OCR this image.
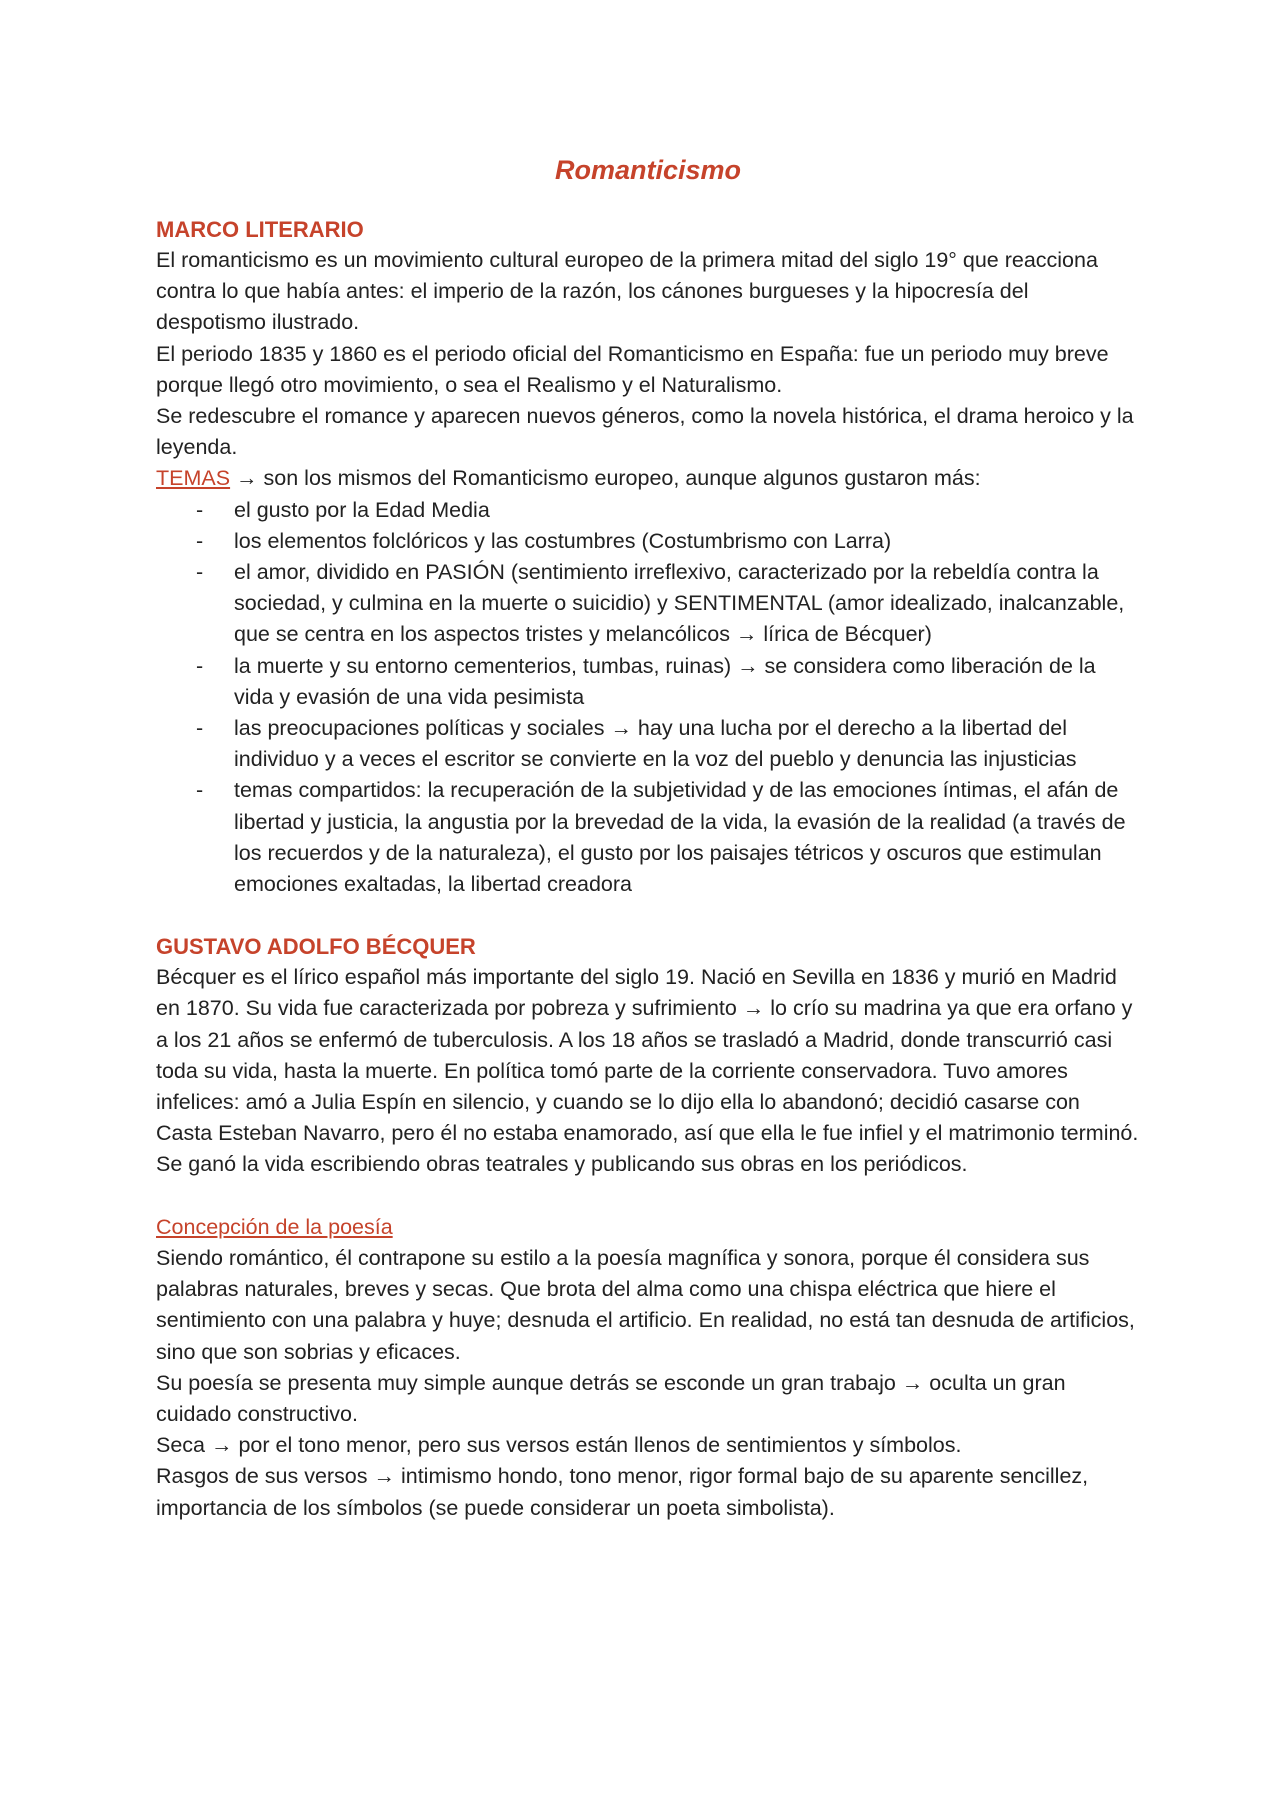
Romanticismo
MARCO LITERARIO

El romanticismo es un movimiento cultural europeo de la primera mitad del siglo 19° que reacciona contra lo que había antes: el imperio de la razón, los cánones burgueses y la hipocresía del despotismo ilustrado.

El periodo 1835 y 1860 es el periodo oficial del Romanticismo en España: fue un periodo muy breve porque llegó otro movimiento, o sea el Realismo y el Naturalismo.

Se redescubre el romance y aparecen nuevos géneros, como la novela histórica, el drama heroico y la leyenda.

TEMAS → son los mismos del Romanticismo europeo, aunque algunos gustaron más:

- el gusto por la Edad Media
- los elementos folclóricos y las costumbres (Costumbrismo con Larra)
- el amor, dividido en PASIÓN (sentimiento irreflexivo, caracterizado por la rebeldía contra la sociedad, y culmina en la muerte o suicidio) y SENTIMENTAL (amor idealizado, inalcanzable, que se centra en los aspectos tristes y melancólicos → lírica de Bécquer)
- la muerte y su entorno cementerios, tumbas, ruinas) → se considera como liberación de la vida y evasión de una vida pesimista
- las preocupaciones políticas y sociales → hay una lucha por el derecho a la libertad del individuo y a veces el escritor se convierte en la voz del pueblo y denuncia las injusticias
- temas compartidos: la recuperación de la subjetividad y de las emociones íntimas, el afán de libertad y justicia, la angustia por la brevedad de la vida, la evasión de la realidad (a través de los recuerdos y de la naturaleza), el gusto por los paisajes tétricos y oscuros que estimulan emociones exaltadas, la libertad creadora
GUSTAVO ADOLFO BÉCQUER

Bécquer es el lírico español más importante del siglo 19. Nació en Sevilla en 1836 y murió en Madrid en 1870. Su vida fue caracterizada por pobreza y sufrimiento → lo crío su madrina ya que era orfano y a los 21 años se enfermó de tuberculosis. A los 18 años se trasladó a Madrid, donde transcurrió casi toda su vida, hasta la muerte. En política tomó parte de la corriente conservadora. Tuvo amores infelices: amó a Julia Espín en silencio, y cuando se lo dijo ella lo abandonó; decidió casarse con Casta Esteban Navarro, pero él no estaba enamorado, así que ella le fue infiel y el matrimonio terminó. Se ganó la vida escribiendo obras teatrales y publicando sus obras en los periódicos.

Concepción de la poesía

Siendo romántico, él contrapone su estilo a la poesía magnífica y sonora, porque él considera sus palabras naturales, breves y secas. Que brota del alma como una chispa eléctrica que hiere el sentimiento con una palabra y huye; desnuda el artificio. En realidad, no está tan desnuda de artificios, sino que son sobrias y eficaces.

Su poesía se presenta muy simple aunque detrás se esconde un gran trabajo → oculta un gran cuidado constructivo.

Seca → por el tono menor, pero sus versos están llenos de sentimientos y símbolos.

Rasgos de sus versos → intimismo hondo, tono menor, rigor formal bajo de su aparente sencillez, importancia de los símbolos (se puede considerar un poeta simbolista).
